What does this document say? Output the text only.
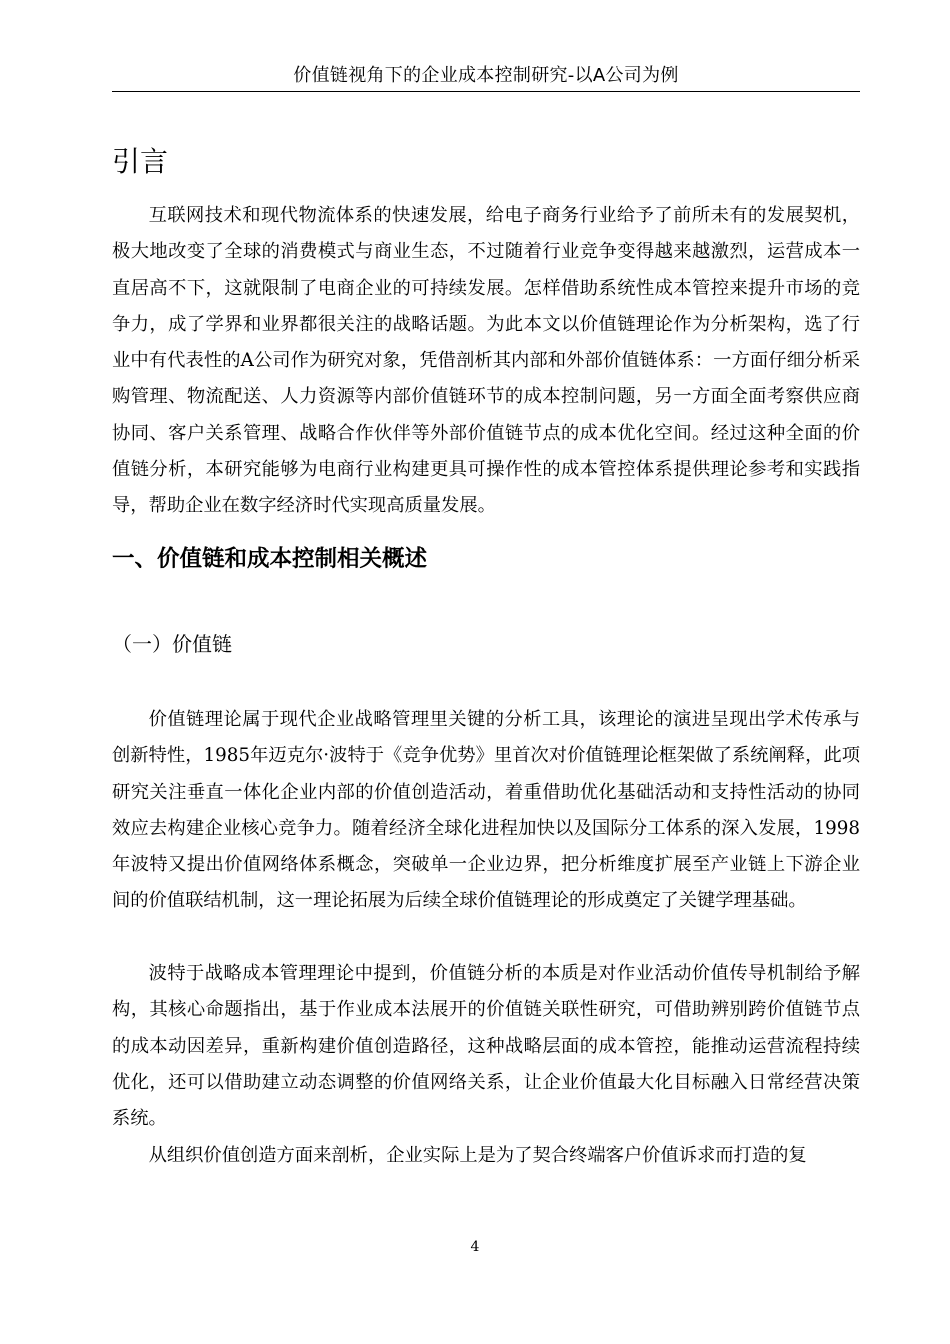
价值链视角下的企业成本控制研究-以A公司为例
引言

互联网技术和现代物流体系的快速发展，给电子商务行业给予了前所未有的发展契机，极大地改变了全球的消费模式与商业生态，不过随着行业竞争变得越来越激烈，运营成本一直居高不下，这就限制了电商企业的可持续发展。怎样借助系统性成本管控来提升市场的竞争力，成了学界和业界都很关注的战略话题。为此本文以价值链理论作为分析架构，选了行业中有代表性的A公司作为研究对象，凭借剖析其内部和外部价值链体系：一方面仔细分析采购管理、物流配送、人力资源等内部价值链环节的成本控制问题，另一方面全面考察供应商协同、客户关系管理、战略合作伙伴等外部价值链节点的成本优化空间。经过这种全面的价值链分析，本研究能够为电商行业构建更具可操作性的成本管控体系提供理论参考和实践指导，帮助企业在数字经济时代实现高质量发展。

一、价值链和成本控制相关概述
（一）价值链

价值链理论属于现代企业战略管理里关键的分析工具，该理论的演进呈现出学术传承与创新特性，1985年迈克尔·波特于《竞争优势》里首次对价值链理论框架做了系统阐释，此项研究关注垂直一体化企业内部的价值创造活动，着重借助优化基础活动和支持性活动的协同效应去构建企业核心竞争力。随着经济全球化进程加快以及国际分工体系的深入发展，1998年波特又提出价值网络体系概念，突破单一企业边界，把分析维度扩展至产业链上下游企业间的价值联结机制，这一理论拓展为后续全球价值链理论的形成奠定了关键学理基础。

波特于战略成本管理理论中提到，价值链分析的本质是对作业活动价值传导机制给予解构，其核心命题指出，基于作业成本法展开的价值链关联性研究，可借助辨别跨价值链节点的成本动因差异，重新构建价值创造路径，这种战略层面的成本管控，能推动运营流程持续优化，还可以借助建立动态调整的价值网络关系，让企业价值最大化目标融入日常经营决策系统。

从组织价值创造方面来剖析，企业实际上是为了契合终端客户价值诉求而打造的复

4
